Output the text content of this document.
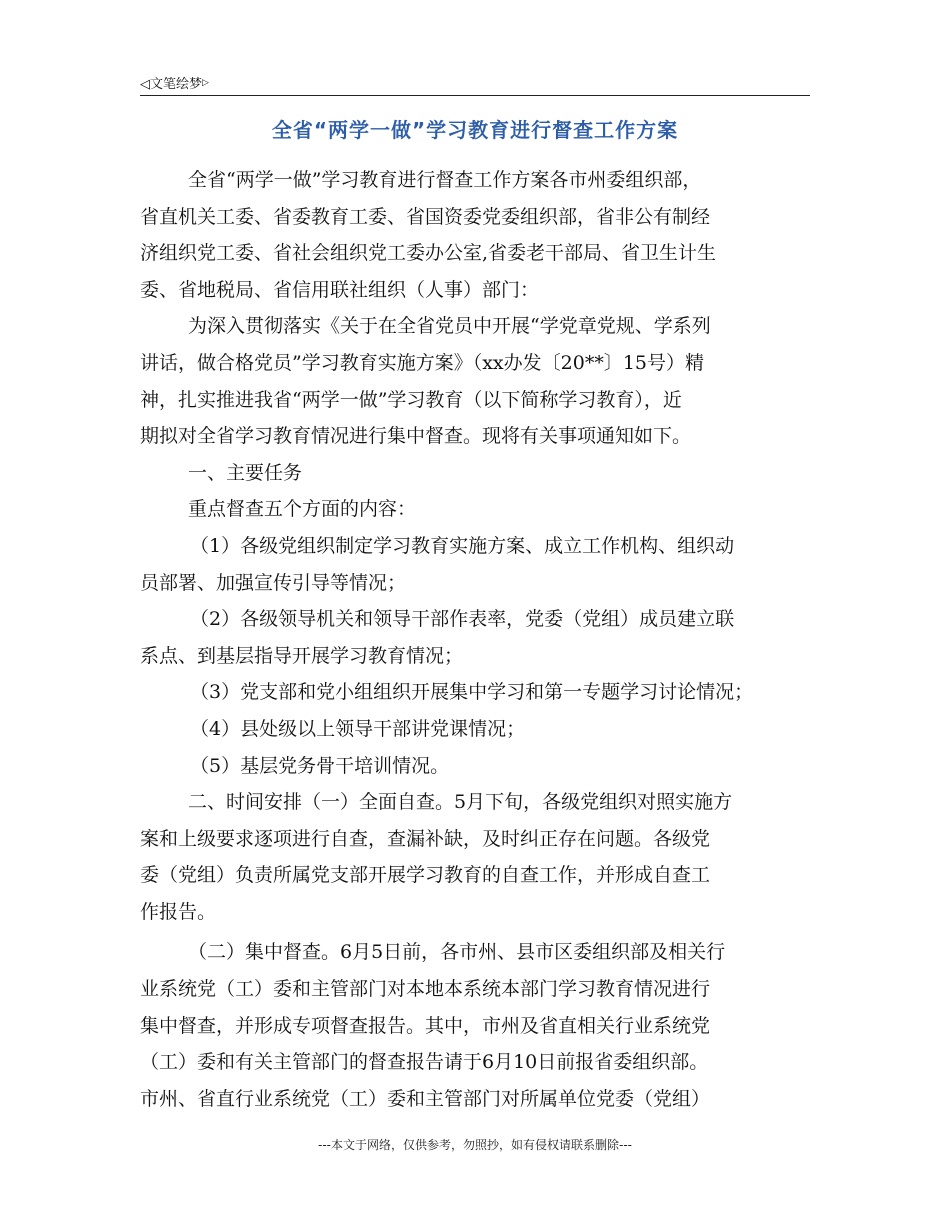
◁ 文笔绘梦 ▷
全省“两学一做”学习教育进行督查工作方案
全省“两学一做”学习教育进行督查工作方案各市州委组织部，
省直机关工委、省委教育工委、省国资委党委组织部，省非公有制经
济组织党工委、省社会组织党工委办公室,省委老干部局、省卫生计生
委、省地税局、省信用联社组织（人事）部门：
为深入贯彻落实《关于在全省党员中开展“学党章党规、学系列
讲话，做合格党员”学习教育实施方案》（xx办发〔20**〕15号）精
神，扎实推进我省“两学一做”学习教育（以下简称学习教育），近
期拟对全省学习教育情况进行集中督查。现将有关事项通知如下。
一、主要任务
重点督查五个方面的内容：
（1）各级党组织制定学习教育实施方案、成立工作机构、组织动
员部署、加强宣传引导等情况；
（2）各级领导机关和领导干部作表率，党委（党组）成员建立联
系点、到基层指导开展学习教育情况；
（3）党支部和党小组组织开展集中学习和第一专题学习讨论情况；
（4）县处级以上领导干部讲党课情况；
（5）基层党务骨干培训情况。
二、时间安排（一）全面自查。5月下旬，各级党组织对照实施方
案和上级要求逐项进行自查，查漏补缺，及时纠正存在问题。各级党
委（党组）负责所属党支部开展学习教育的自查工作，并形成自查工
作报告。
（二）集中督查。6月5日前，各市州、县市区委组织部及相关行
业系统党（工）委和主管部门对本地本系统本部门学习教育情况进行
集中督查，并形成专项督查报告。其中，市州及省直相关行业系统党
（工）委和有关主管部门的督查报告请于6月10日前报省委组织部。
市州、省直行业系统党（工）委和主管部门对所属单位党委（党组）
---本文于网络，仅供参考，勿照抄，如有侵权请联系删除---
